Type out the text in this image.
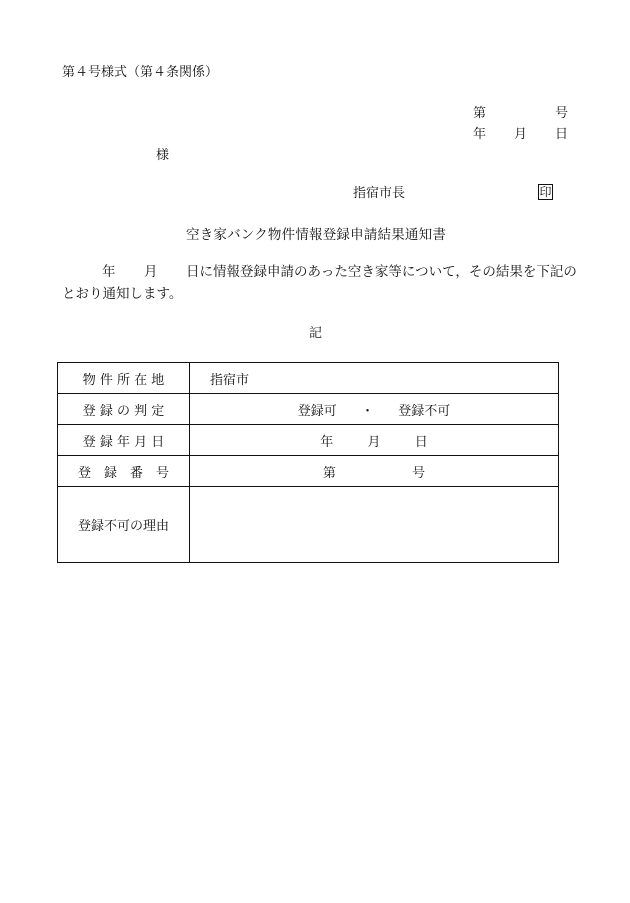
第４号様式（第４条関係）
第	号
年 月 日
様
指宿市長	印
空き家バンク物件情報登録申請結果通知書
年 月 日に情報登録申請のあった空き家等について，その結果を下記の
とおり通知します。
記
物 件 所 在 地	指宿市
登 録 の 判 定	登録可 ・ 登録不可
登 録 年 月 日	年 月 日
登　録　番　号	第 号
登録不可の理由	
